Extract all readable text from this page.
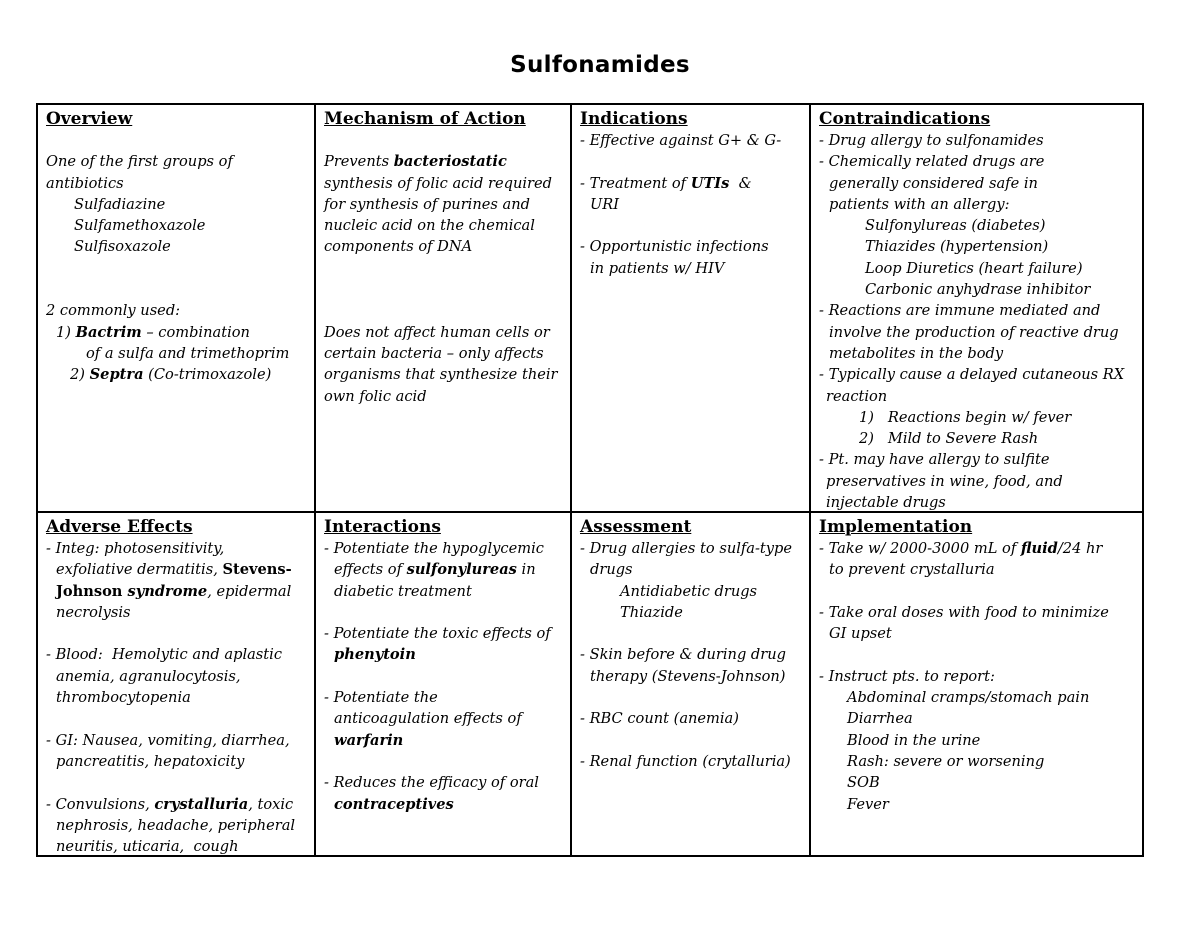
Sulfonamides
Overview
One of the first groups of
antibiotics
Sulfadiazine
Sulfamethoxazole
Sulfisoxazole
2 commonly used:
1) Bactrim – combination
of a sulfa and trimethoprim
2) Septra (Co-trimoxazole)
Mechanism of Action
Prevents bacteriostatic
synthesis of folic acid required
for synthesis of purines and
nucleic acid on the chemical
components of DNA
Does not affect human cells or
certain bacteria – only affects
organisms that synthesize their
own folic acid
Indications
- Effective against G+ & G-
- Treatment of UTIs  &
URI
- Opportunistic infections
in patients w/ HIV
Contraindications
- Drug allergy to sulfonamides
- Chemically related drugs are
generally considered safe in
patients with an allergy:
Sulfonylureas (diabetes)
Thiazides (hypertension)
Loop Diuretics (heart failure)
Carbonic anyhydrase inhibitor
- Reactions are immune mediated and
involve the production of reactive drug
metabolites in the body
- Typically cause a delayed cutaneous RX
reaction
1)   Reactions begin w/ fever
2)   Mild to Severe Rash
- Pt. may have allergy to sulfite
preservatives in wine, food, and
injectable drugs
Adverse Effects
- Integ: photosensitivity,
exfoliative dermatitis, Stevens-
Johnson syndrome, epidermal
necrolysis
- Blood:  Hemolytic and aplastic
anemia, agranulocytosis,
thrombocytopenia
- GI: Nausea, vomiting, diarrhea,
pancreatitis, hepatoxicity
- Convulsions, crystalluria, toxic
nephrosis, headache, peripheral
neuritis, uticaria,  cough
Interactions
- Potentiate the hypoglycemic
effects of sulfonylureas in
diabetic treatment
- Potentiate the toxic effects of
phenytoin
- Potentiate the
anticoagulation effects of
warfarin
- Reduces the efficacy of oral
contraceptives
Assessment
- Drug allergies to sulfa-type
drugs
Antidiabetic drugs
Thiazide
- Skin before & during drug
therapy (Stevens-Johnson)
- RBC count (anemia)
- Renal function (crytalluria)
Implementation
- Take w/ 2000-3000 mL of fluid/24 hr
to prevent crystalluria
- Take oral doses with food to minimize
GI upset
- Instruct pts. to report:
Abdominal cramps/stomach pain
Diarrhea
Blood in the urine
Rash: severe or worsening
SOB
Fever
